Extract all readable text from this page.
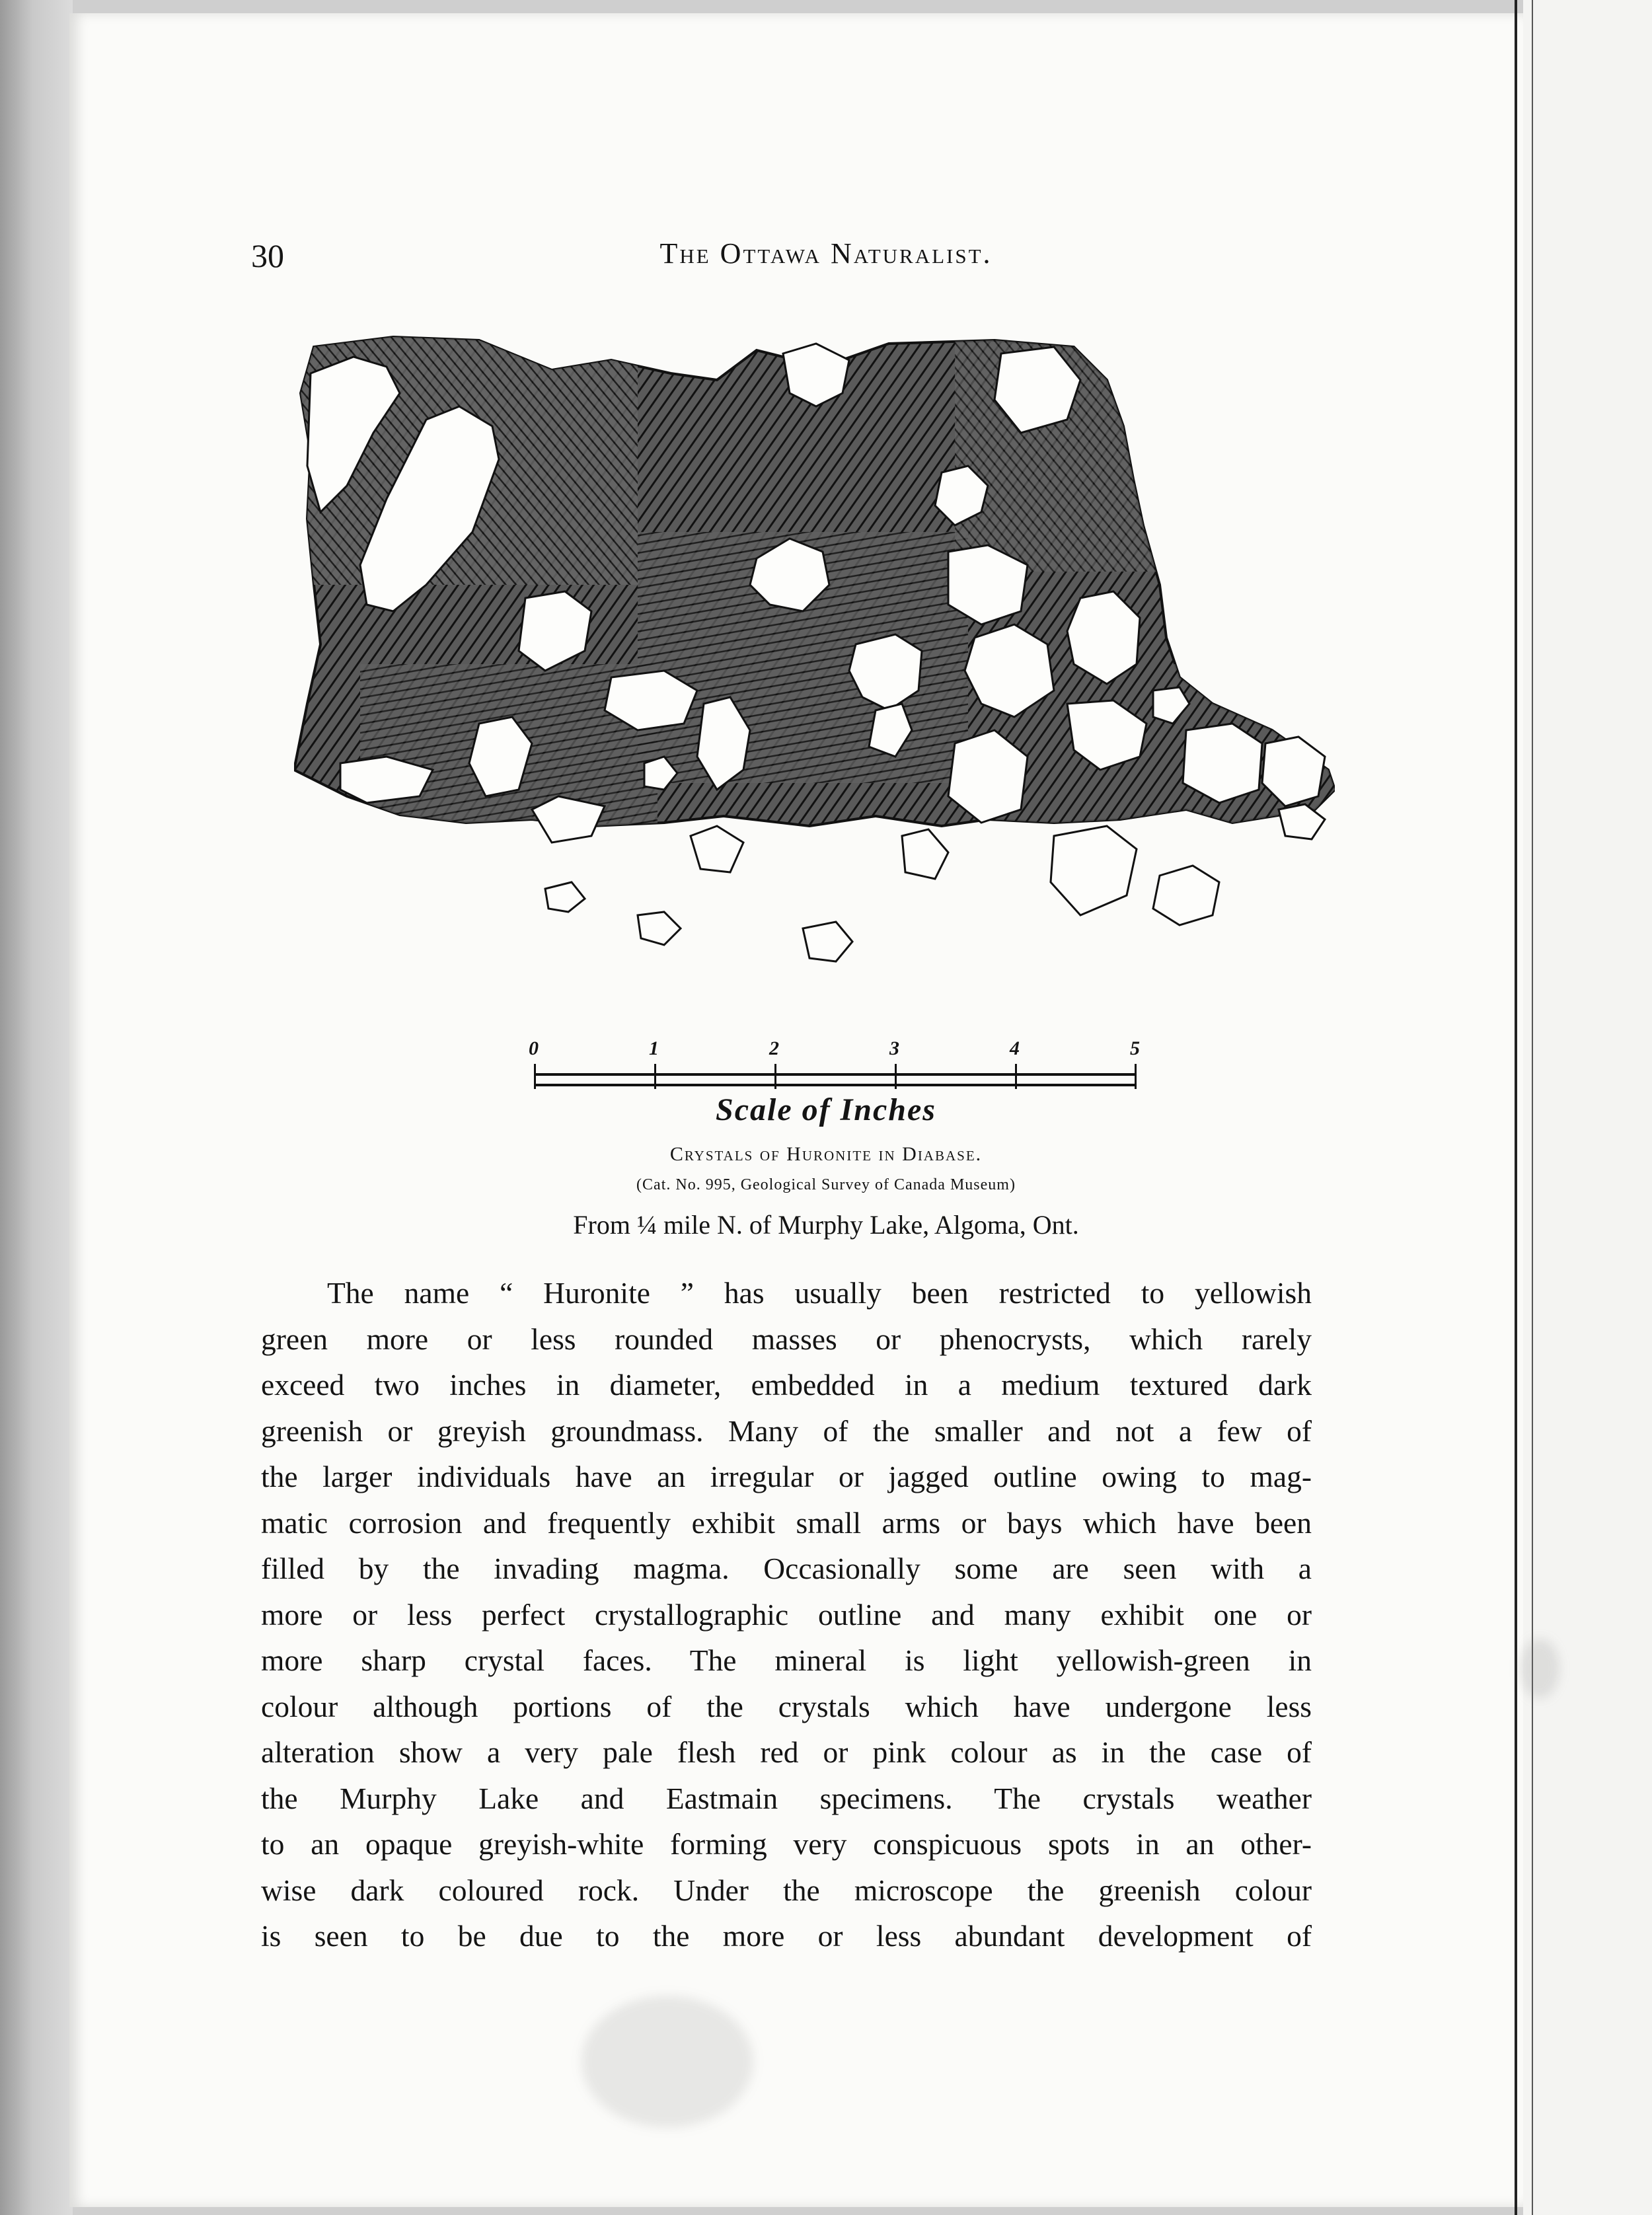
30	The Ottawa Naturalist.
0	1	2	3	4	5
Scale of Inches
Crystals of Huronite in Diabase.
(Cat. No. 995, Geological Survey of Canada Museum)
From ¼ mile N. of Murphy Lake, Algoma, Ont.
The name “ Huronite ” has usually been restricted to yellowish
green more or less rounded masses or phenocrysts, which rarely
exceed two inches in diameter, embedded in a medium textured dark
greenish or greyish groundmass. Many of the smaller and not a few of
the larger individuals have an irregular or jagged outline owing to mag-
matic corrosion and frequently exhibit small arms or bays which have been
filled by the invading magma. Occasionally some are seen with a
more or less perfect crystallographic outline and many exhibit one or
more sharp crystal faces. The mineral is light yellowish-green in
colour although portions of the crystals which have undergone less
alteration show a very pale flesh red or pink colour as in the case of
the Murphy Lake and Eastmain specimens. The crystals weather
to an opaque greyish-white forming very conspicuous spots in an other-
wise dark coloured rock. Under the microscope the greenish colour
is seen to be due to the more or less abundant development of
